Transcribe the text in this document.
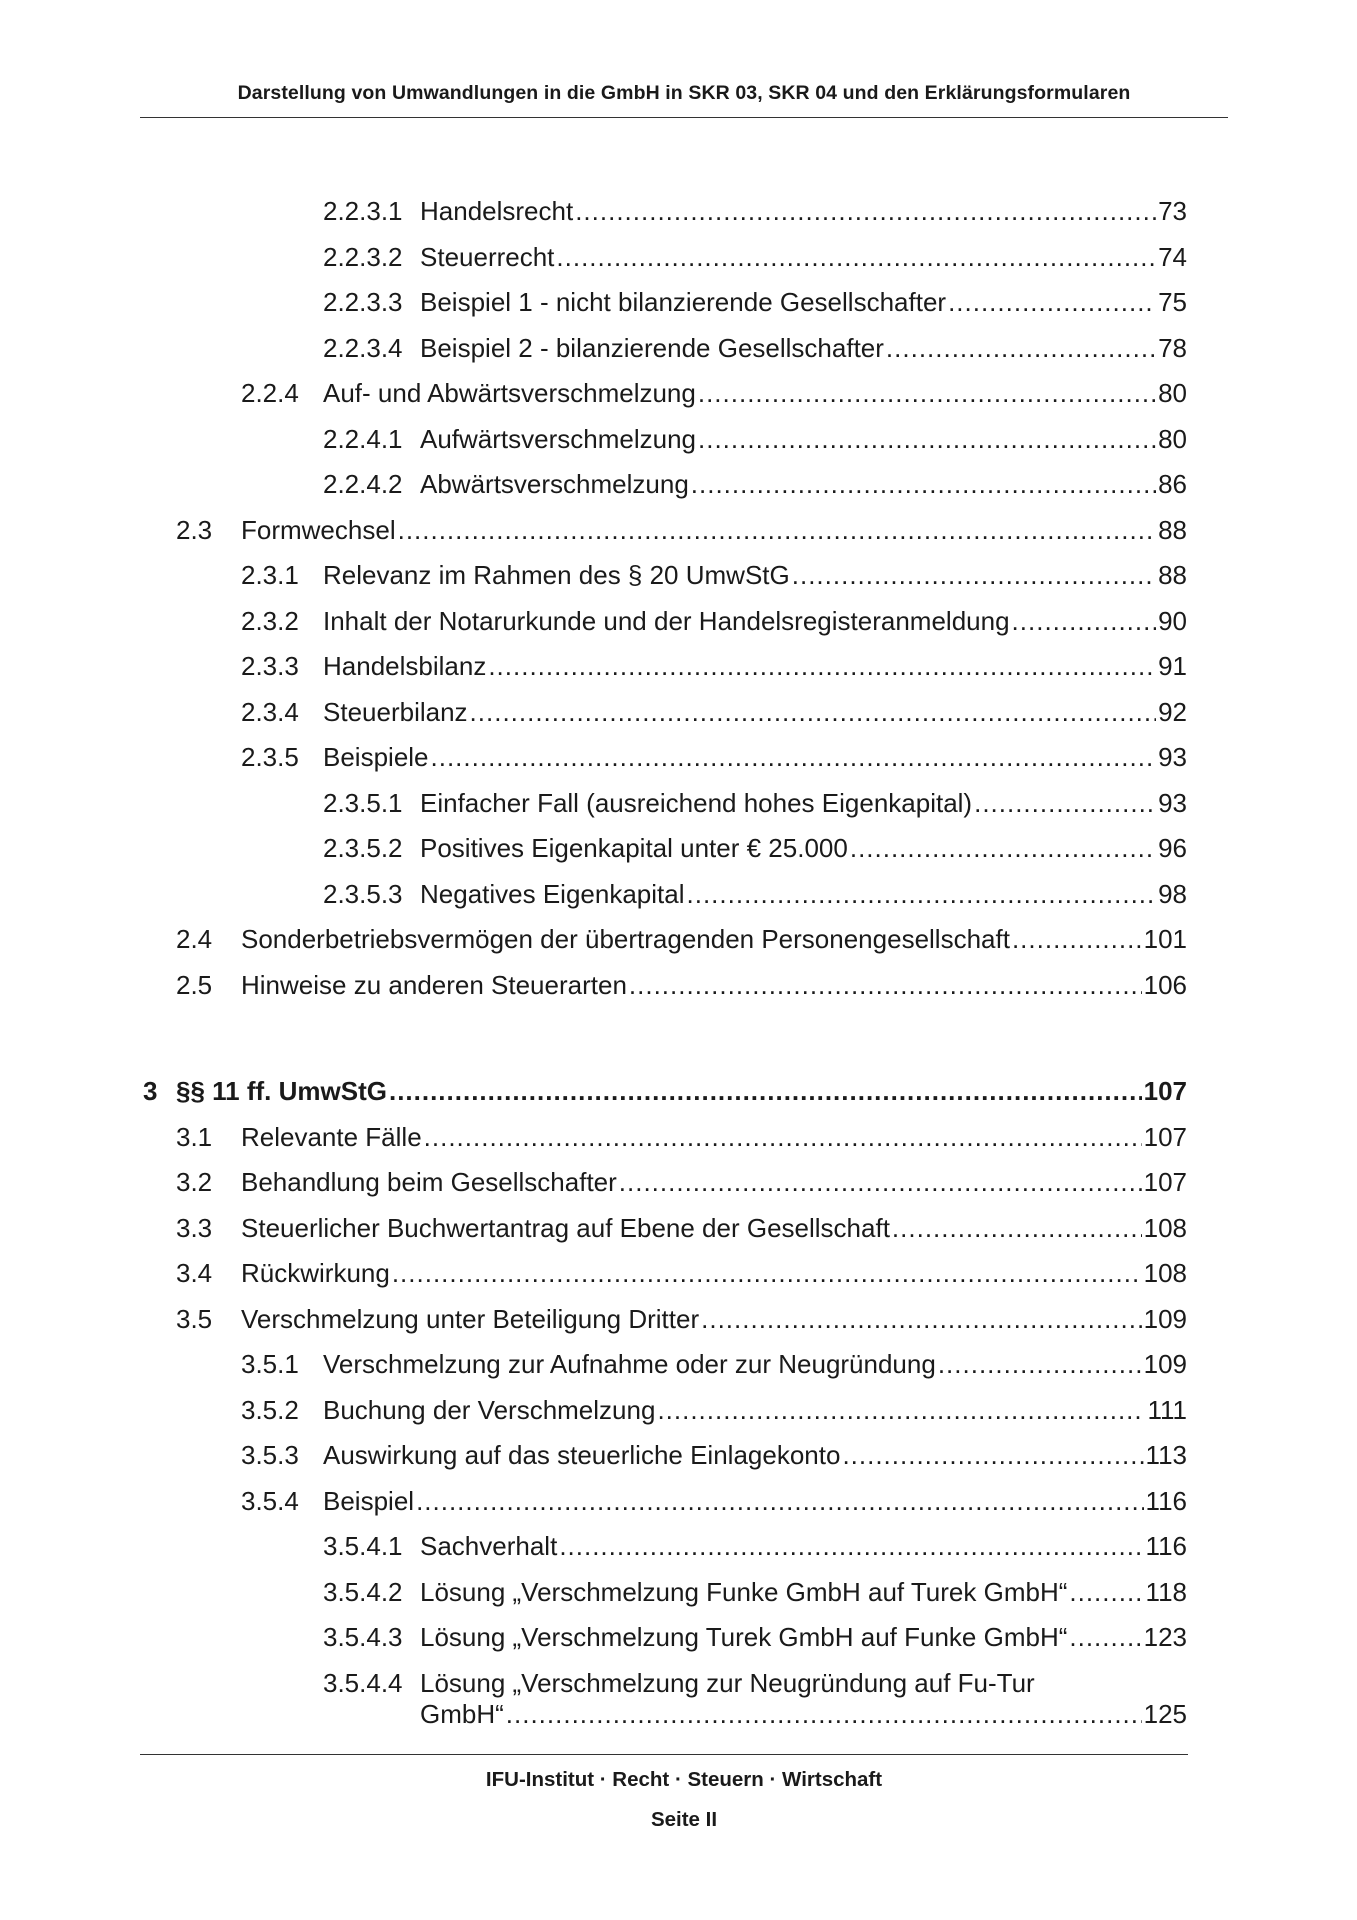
Darstellung von Umwandlungen in die GmbH in SKR 03, SKR 04 und den Erklärungsformularen
2.2.3.1 Handelsrecht .....	73
2.2.3.2 Steuerrecht .....	74
2.2.3.3 Beispiel 1 - nicht bilanzierende Gesellschafter .....	75
2.2.3.4 Beispiel 2 - bilanzierende Gesellschafter .....	78
2.2.4 Auf- und Abwärtsverschmelzung .....	80
2.2.4.1 Aufwärtsverschmelzung .....	80
2.2.4.2 Abwärtsverschmelzung .....	86
2.3 Formwechsel .....	88
2.3.1 Relevanz im Rahmen des § 20 UmwStG .....	88
2.3.2 Inhalt der Notarurkunde und der Handelsregisteranmeldung .....	90
2.3.3 Handelsbilanz .....	91
2.3.4 Steuerbilanz .....	92
2.3.5 Beispiele .....	93
2.3.5.1 Einfacher Fall (ausreichend hohes Eigenkapital) .....	93
2.3.5.2 Positives Eigenkapital unter € 25.000 .....	96
2.3.5.3 Negatives Eigenkapital .....	98
2.4 Sonderbetriebsvermögen der übertragenden Personengesellschaft .....	101
2.5 Hinweise zu anderen Steuerarten .....	106
3 §§ 11 ff. UmwStG .....	107
3.1 Relevante Fälle .....	107
3.2 Behandlung beim Gesellschafter .....	107
3.3 Steuerlicher Buchwertantrag auf Ebene der Gesellschaft .....	108
3.4 Rückwirkung .....	108
3.5 Verschmelzung unter Beteiligung Dritter .....	109
3.5.1 Verschmelzung zur Aufnahme oder zur Neugründung .....	109
3.5.2 Buchung der Verschmelzung .....	111
3.5.3 Auswirkung auf das steuerliche Einlagekonto .....	113
3.5.4 Beispiel .....	116
3.5.4.1 Sachverhalt .....	116
3.5.4.2 Lösung „Verschmelzung Funke GmbH auf Turek GmbH“ .....	118
3.5.4.3 Lösung „Verschmelzung Turek GmbH auf Funke GmbH“ .....	123
3.5.4.4 Lösung „Verschmelzung zur Neugründung auf Fu-Tur
GmbH“ .....	125
IFU-Institut · Recht · Steuern · Wirtschaft
Seite II
